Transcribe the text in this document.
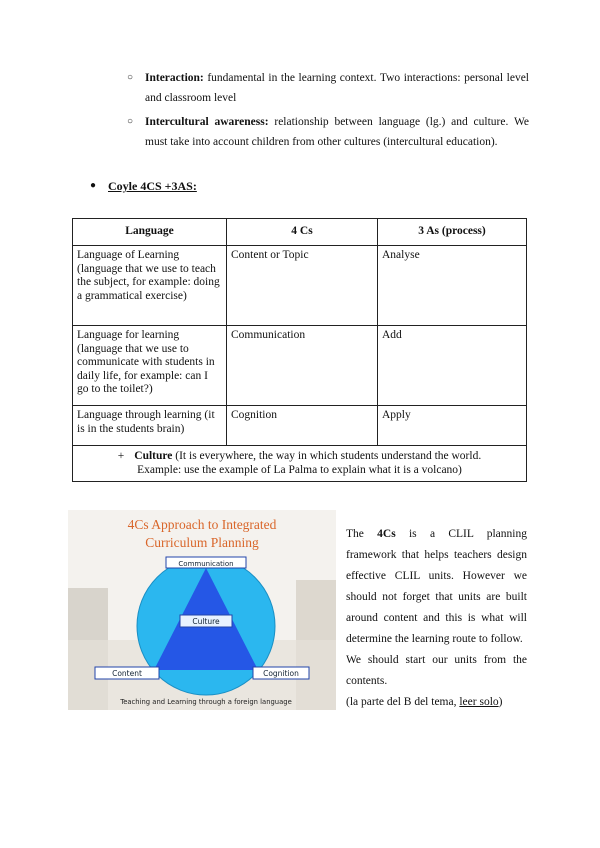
○ Interaction: fundamental in the learning context. Two interactions: personal level and classroom level
○ Intercultural awareness: relationship between language (lg.) and culture. We must take into account children from other cultures (intercultural education).
● Coyle 4CS +3AS:
Language	4 Cs	3 As (process)
Language of Learning (language that we use to teach the subject, for example: doing a grammatical exercise)	Content or Topic	Analyse
Language for learning (language that we use to communicate with students in daily life, for example: can I go to the toilet?)	Communication	Add
Language through learning (it is in the students brain)	Cognition	Apply
+ Culture (It is everywhere, the way in which students understand the world.
Example: use the example of La Palma to explain what it is a volcano)		
4Cs Approach to Integrated
Curriculum Planning
Communication
Culture
Content	Cognition
Teaching and Learning through a foreign language

The 4Cs is a CLIL planning framework that helps teachers design effective CLIL units. However we should not forget that units are built around content and this is what will determine the learning route to follow.

We should start our units from the contents.

(la parte del B del tema, leer solo)
